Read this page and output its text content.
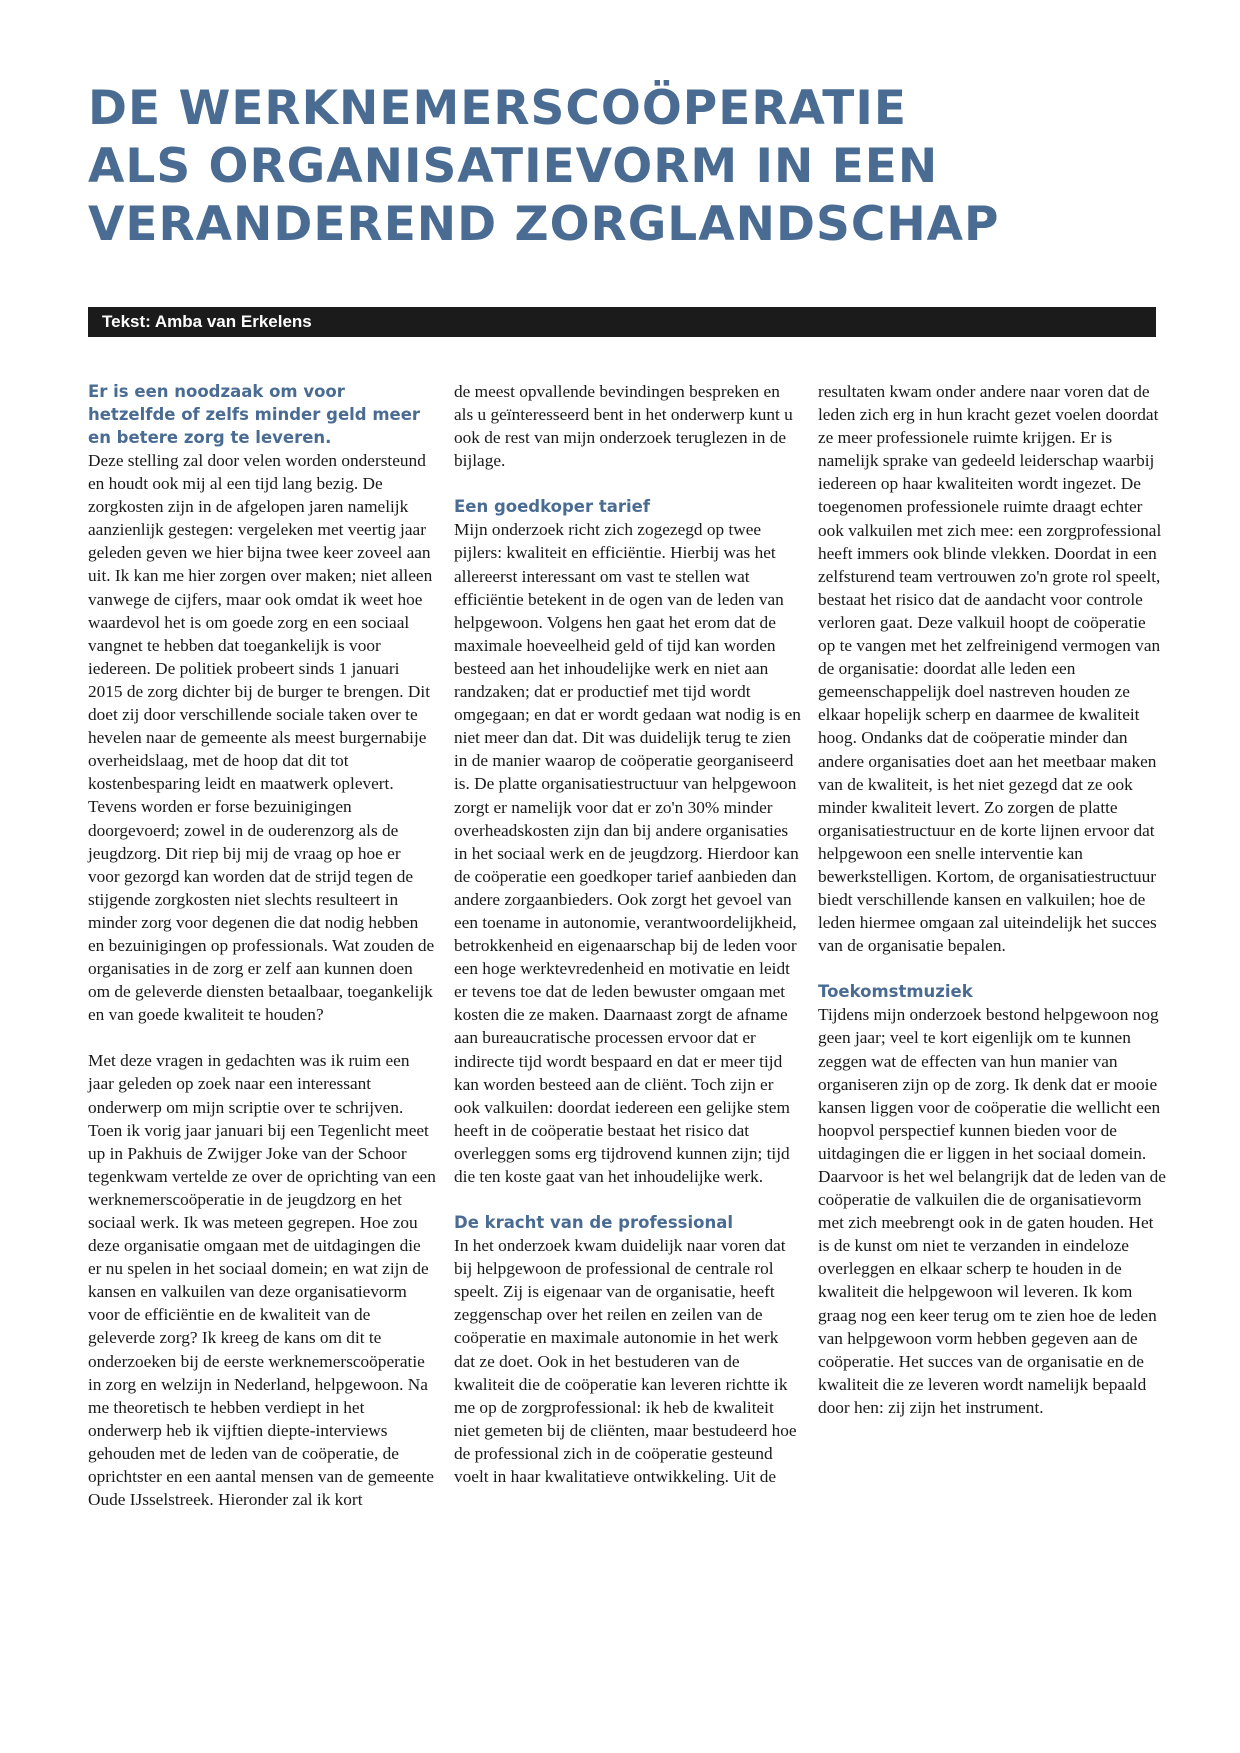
DE WERKNEMERSCOÖPERATIE
ALS ORGANISATIEVORM IN EEN
VERANDEREND ZORGLANDSCHAP
Tekst: Amba van Erkelens

Er is een noodzaak om voor hetzelfde of zelfs minder geld meer en betere zorg te leveren.

Deze stelling zal door velen worden ondersteund en houdt ook mij al een tijd lang bezig. De zorgkosten zijn in de afgelopen jaren namelijk aanzienlijk gestegen: vergeleken met veertig jaar geleden geven we hier bijna twee keer zoveel aan uit. Ik kan me hier zorgen over maken; niet alleen vanwege de cijfers, maar ook omdat ik weet hoe waardevol het is om goede zorg en een sociaal vangnet te hebben dat toegankelijk is voor iedereen. De politiek probeert sinds 1 januari 2015 de zorg dichter bij de burger te brengen. Dit doet zij door verschillende sociale taken over te hevelen naar de gemeente als meest burgernabije overheidslaag, met de hoop dat dit tot kostenbesparing leidt en maatwerk oplevert. Tevens worden er forse bezuinigingen doorgevoerd; zowel in de ouderenzorg als de jeugdzorg. Dit riep bij mij de vraag op hoe er voor gezorgd kan worden dat de strijd tegen de stijgende zorgkosten niet slechts resulteert in minder zorg voor degenen die dat nodig hebben en bezuinigingen op professionals. Wat zouden de organisaties in de zorg er zelf aan kunnen doen om de geleverde diensten betaalbaar, toegankelijk en van goede kwaliteit te houden?

Met deze vragen in gedachten was ik ruim een jaar geleden op zoek naar een interessant onderwerp om mijn scriptie over te schrijven. Toen ik vorig jaar januari bij een Tegenlicht meet up in Pakhuis de Zwijger Joke van der Schoor tegenkwam vertelde ze over de oprichting van een werknemerscoöperatie in de jeugdzorg en het sociaal werk. Ik was meteen gegrepen. Hoe zou deze organisatie omgaan met de uitdagingen die er nu spelen in het sociaal domein; en wat zijn de kansen en valkuilen van deze organisatievorm voor de efficiëntie en de kwaliteit van de geleverde zorg? Ik kreeg de kans om dit te onderzoeken bij de eerste werknemerscoöperatie in zorg en welzijn in Nederland, helpgewoon. Na me theoretisch te hebben verdiept in het onderwerp heb ik vijftien diepte-interviews gehouden met de leden van de coöperatie, de oprichtster en een aantal mensen van de gemeente Oude IJsselstreek. Hieronder zal ik kort

de meest opvallende bevindingen bespreken en als u geïnteresseerd bent in het onderwerp kunt u ook de rest van mijn onderzoek teruglezen in de bijlage.

Een goedkoper tarief

Mijn onderzoek richt zich zogezegd op twee pijlers: kwaliteit en efficiëntie. Hierbij was het allereerst interessant om vast te stellen wat efficiëntie betekent in de ogen van de leden van helpgewoon. Volgens hen gaat het erom dat de maximale hoeveelheid geld of tijd kan worden besteed aan het inhoudelijke werk en niet aan randzaken; dat er productief met tijd wordt omgegaan; en dat er wordt gedaan wat nodig is en niet meer dan dat. Dit was duidelijk terug te zien in de manier waarop de coöperatie georganiseerd is. De platte organisatiestructuur van helpgewoon zorgt er namelijk voor dat er zo'n 30% minder overheadskosten zijn dan bij andere organisaties in het sociaal werk en de jeugdzorg. Hierdoor kan de coöperatie een goedkoper tarief aanbieden dan andere zorgaanbieders. Ook zorgt het gevoel van een toename in autonomie, verantwoordelijkheid, betrokkenheid en eigenaarschap bij de leden voor een hoge werktevredenheid en motivatie en leidt er tevens toe dat de leden bewuster omgaan met kosten die ze maken. Daarnaast zorgt de afname aan bureaucratische processen ervoor dat er indirecte tijd wordt bespaard en dat er meer tijd kan worden besteed aan de cliënt. Toch zijn er ook valkuilen: doordat iedereen een gelijke stem heeft in de coöperatie bestaat het risico dat overleggen soms erg tijdrovend kunnen zijn; tijd die ten koste gaat van het inhoudelijke werk.

De kracht van de professional

In het onderzoek kwam duidelijk naar voren dat bij helpgewoon de professional de centrale rol speelt. Zij is eigenaar van de organisatie, heeft zeggenschap over het reilen en zeilen van de coöperatie en maximale autonomie in het werk dat ze doet. Ook in het bestuderen van de kwaliteit die de coöperatie kan leveren richtte ik me op de zorgprofessional: ik heb de kwaliteit niet gemeten bij de cliënten, maar bestudeerd hoe de professional zich in de coöperatie gesteund voelt in haar kwalitatieve ontwikkeling. Uit de

resultaten kwam onder andere naar voren dat de leden zich erg in hun kracht gezet voelen doordat ze meer professionele ruimte krijgen. Er is namelijk sprake van gedeeld leiderschap waarbij iedereen op haar kwaliteiten wordt ingezet. De toegenomen professionele ruimte draagt echter ook valkuilen met zich mee: een zorgprofessional heeft immers ook blinde vlekken. Doordat in een zelfsturend team vertrouwen zo'n grote rol speelt, bestaat het risico dat de aandacht voor controle verloren gaat. Deze valkuil hoopt de coöperatie op te vangen met het zelfreinigend vermogen van de organisatie: doordat alle leden een gemeenschappelijk doel nastreven houden ze elkaar hopelijk scherp en daarmee de kwaliteit hoog. Ondanks dat de coöperatie minder dan andere organisaties doet aan het meetbaar maken van de kwaliteit, is het niet gezegd dat ze ook minder kwaliteit levert. Zo zorgen de platte organisatiestructuur en de korte lijnen ervoor dat helpgewoon een snelle interventie kan bewerkstelligen. Kortom, de organisatiestructuur biedt verschillende kansen en valkuilen; hoe de leden hiermee omgaan zal uiteindelijk het succes van de organisatie bepalen.

Toekomstmuziek

Tijdens mijn onderzoek bestond helpgewoon nog geen jaar; veel te kort eigenlijk om te kunnen zeggen wat de effecten van hun manier van organiseren zijn op de zorg. Ik denk dat er mooie kansen liggen voor de coöperatie die wellicht een hoopvol perspectief kunnen bieden voor de uitdagingen die er liggen in het sociaal domein. Daarvoor is het wel belangrijk dat de leden van de coöperatie de valkuilen die de organisatievorm met zich meebrengt ook in de gaten houden. Het is de kunst om niet te verzanden in eindeloze overleggen en elkaar scherp te houden in de kwaliteit die helpgewoon wil leveren. Ik kom graag nog een keer terug om te zien hoe de leden van helpgewoon vorm hebben gegeven aan de coöperatie. Het succes van de organisatie en de kwaliteit die ze leveren wordt namelijk bepaald door hen: zij zijn het instrument.
